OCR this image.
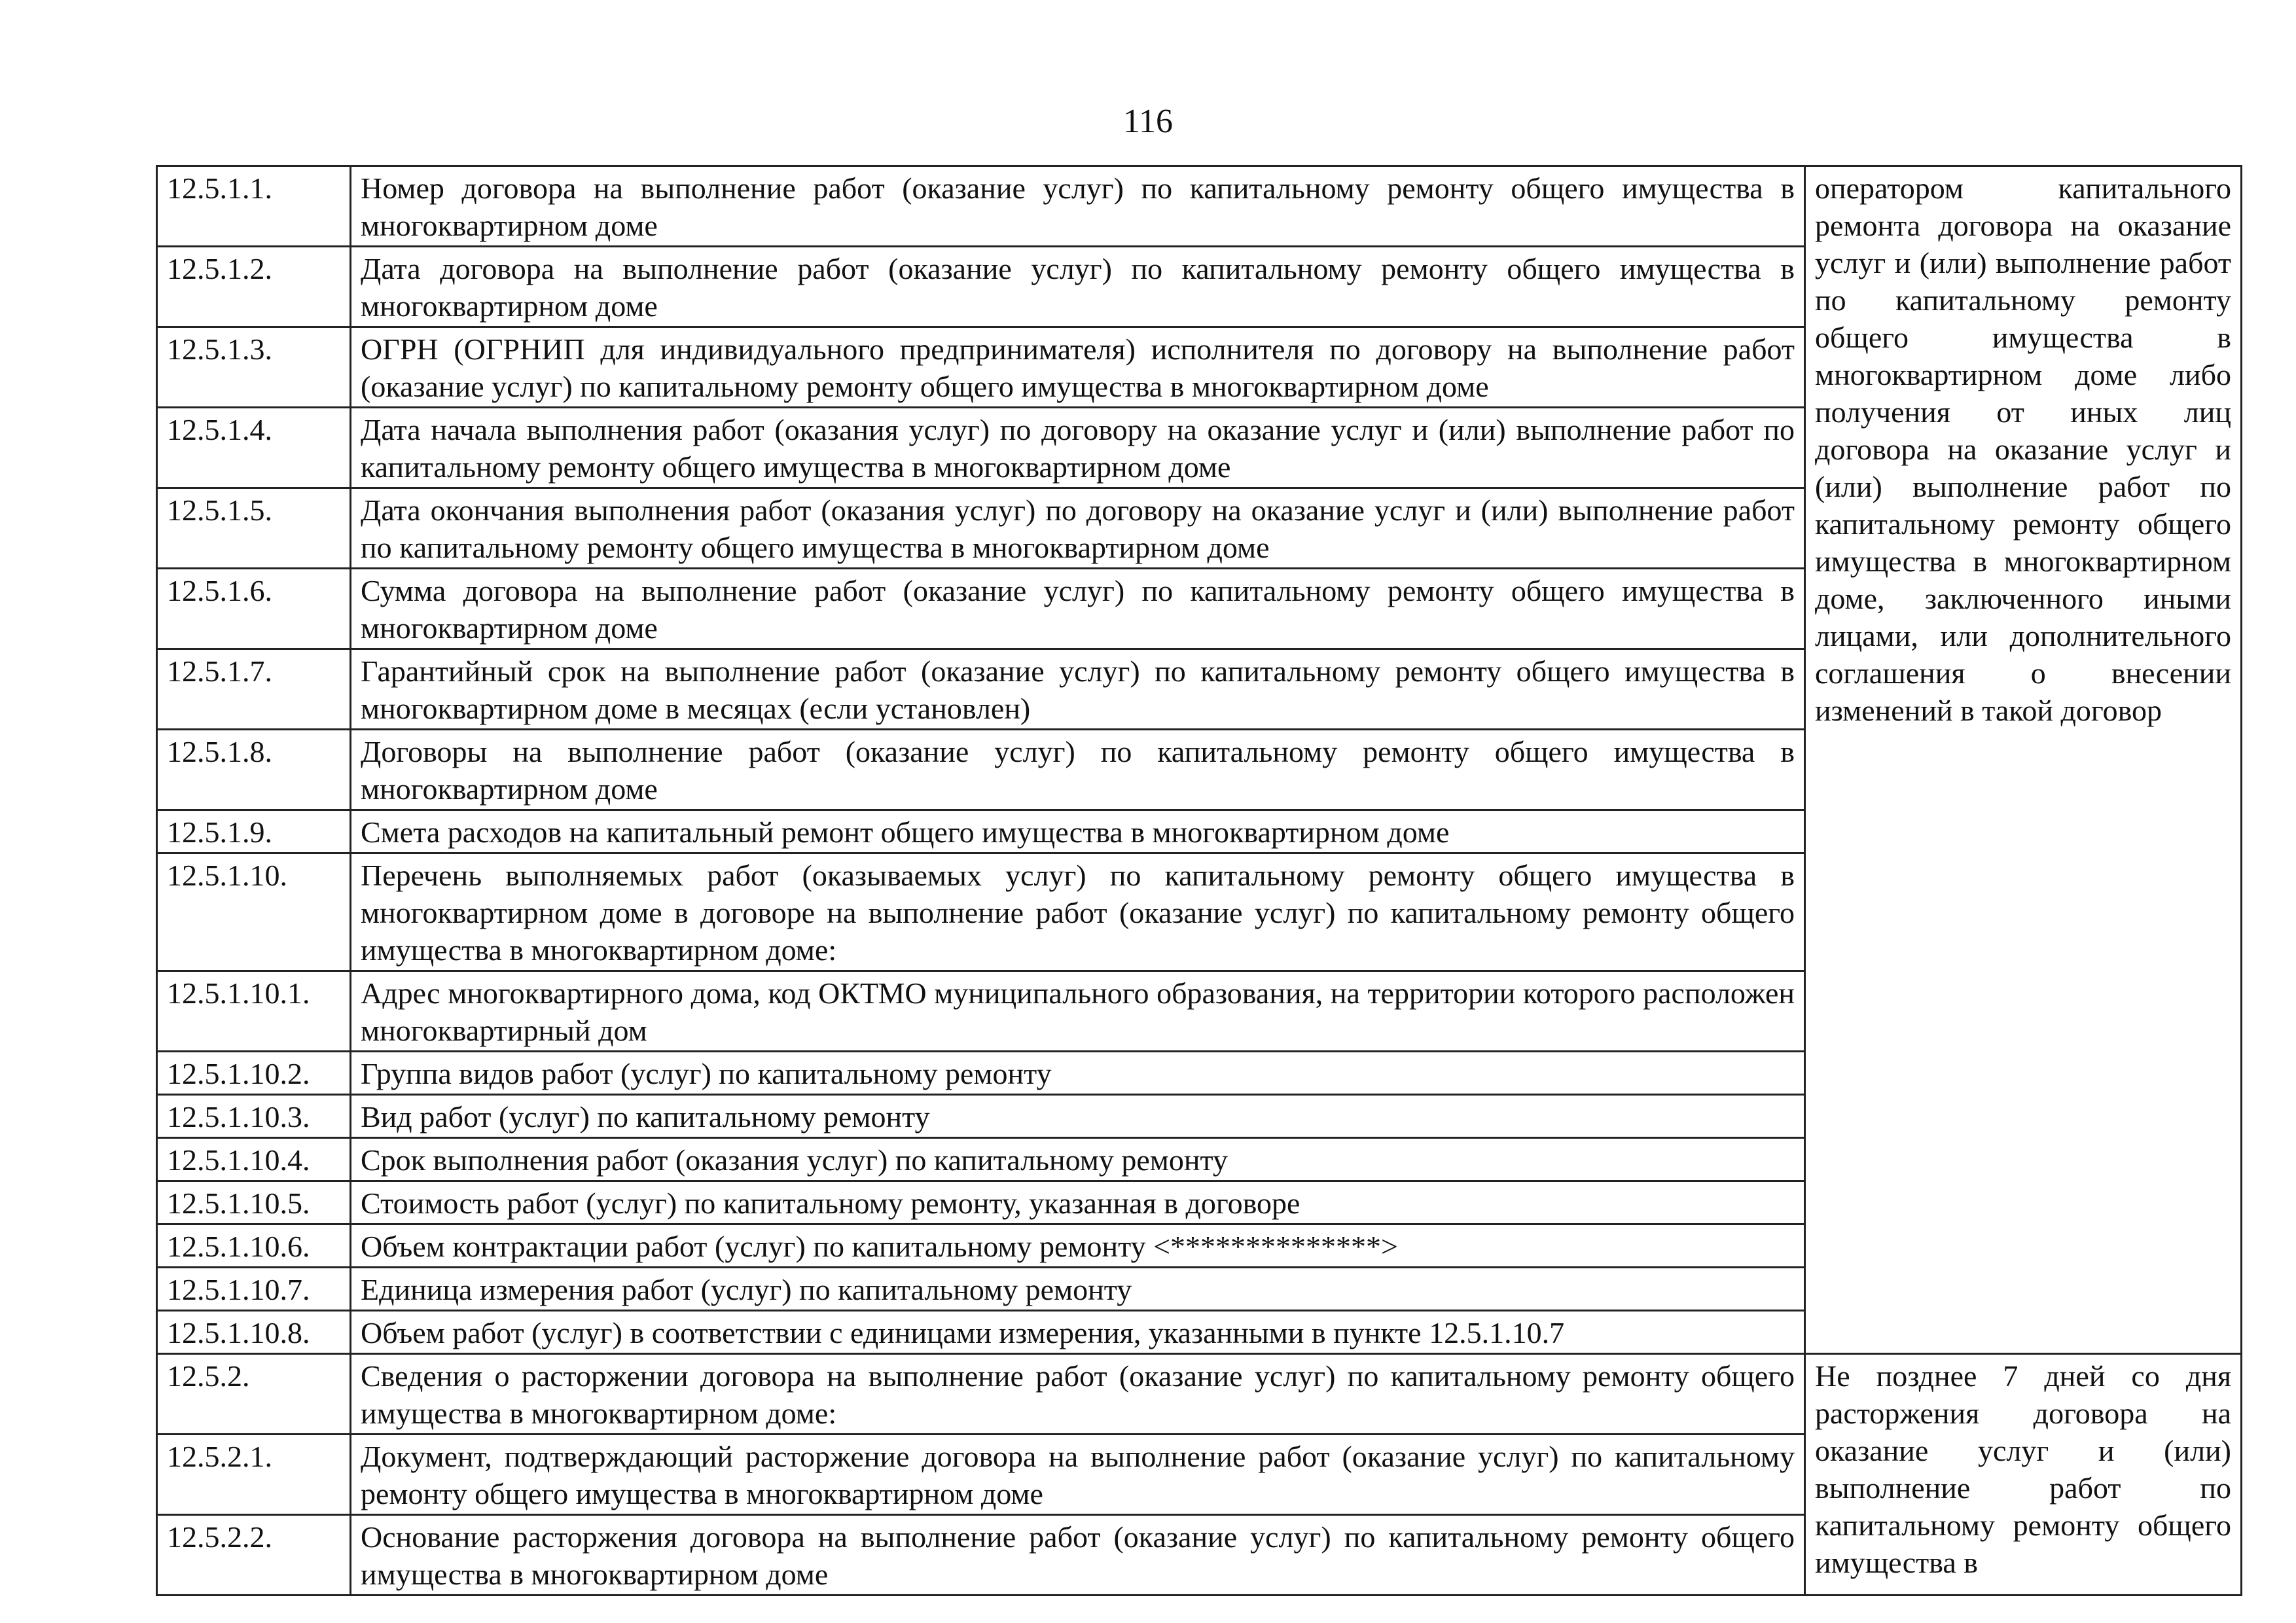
116
12.5.1.1.	Номер договора на выполнение работ (оказание услуг) по капитальному ремонту общего имущества в многоквартирном доме	оператором капитального ремонта договора на оказание услуг и (или) выполнение работ по капитальному ремонту общего имущества в многоквартирном доме либо получения от иных лиц договора на оказание услуг и (или) выполнение работ по капитальному ремонту общего имущества в многоквартирном доме, заключенного иными лицами, или дополнительного соглашения о внесении изменений в такой договор
12.5.1.2.	Дата договора на выполнение работ (оказание услуг) по капитальному ремонту общего имущества в многоквартирном доме	
12.5.1.3.	ОГРН (ОГРНИП для индивидуального предпринимателя) исполнителя по договору на выполнение работ (оказание услуг) по капитальному ремонту общего имущества в многоквартирном доме	
12.5.1.4.	Дата начала выполнения работ (оказания услуг) по договору на оказание услуг и (или) выполнение работ по капитальному ремонту общего имущества в многоквартирном доме	
12.5.1.5.	Дата окончания выполнения работ (оказания услуг) по договору на оказание услуг и (или) выполнение работ по капитальному ремонту общего имущества в многоквартирном доме	
12.5.1.6.	Сумма договора на выполнение работ (оказание услуг) по капитальному ремонту общего имущества в многоквартирном доме	
12.5.1.7.	Гарантийный срок на выполнение работ (оказание услуг) по капитальному ремонту общего имущества в многоквартирном доме в месяцах (если установлен)	
12.5.1.8.	Договоры на выполнение работ (оказание услуг) по капитальному ремонту общего имущества в многоквартирном доме	
12.5.1.9.	Смета расходов на капитальный ремонт общего имущества в многоквартирном доме	
12.5.1.10.	Перечень выполняемых работ (оказываемых услуг) по капитальному ремонту общего имущества в многоквартирном доме в договоре на выполнение работ (оказание услуг) по капитальному ремонту общего имущества в многоквартирном доме:	
12.5.1.10.1.	Адрес многоквартирного дома, код ОКТМО муниципального образования, на территории которого расположен многоквартирный дом	
12.5.1.10.2.	Группа видов работ (услуг) по капитальному ремонту	
12.5.1.10.3.	Вид работ (услуг) по капитальному ремонту	
12.5.1.10.4.	Срок выполнения работ (оказания услуг) по капитальному ремонту	
12.5.1.10.5.	Стоимость работ (услуг) по капитальному ремонту, указанная в договоре	
12.5.1.10.6.	Объем контрактации работ (услуг) по капитальному ремонту <**************>	
12.5.1.10.7.	Единица измерения работ (услуг) по капитальному ремонту	
12.5.1.10.8.	Объем работ (услуг) в соответствии с единицами измерения, указанными в пункте 12.5.1.10.7	
12.5.2.	Сведения о расторжении договора на выполнение работ (оказание услуг) по капитальному ремонту общего имущества в многоквартирном доме:	Не позднее 7 дней со дня расторжения договора на оказание услуг и (или) выполнение работ по капитальному ремонту общего имущества в
12.5.2.1.	Документ, подтверждающий расторжение договора на выполнение работ (оказание услуг) по капитальному ремонту общего имущества в многоквартирном доме	
12.5.2.2.	Основание расторжения договора на выполнение работ (оказание услуг) по капитальному ремонту общего имущества в многоквартирном доме	
